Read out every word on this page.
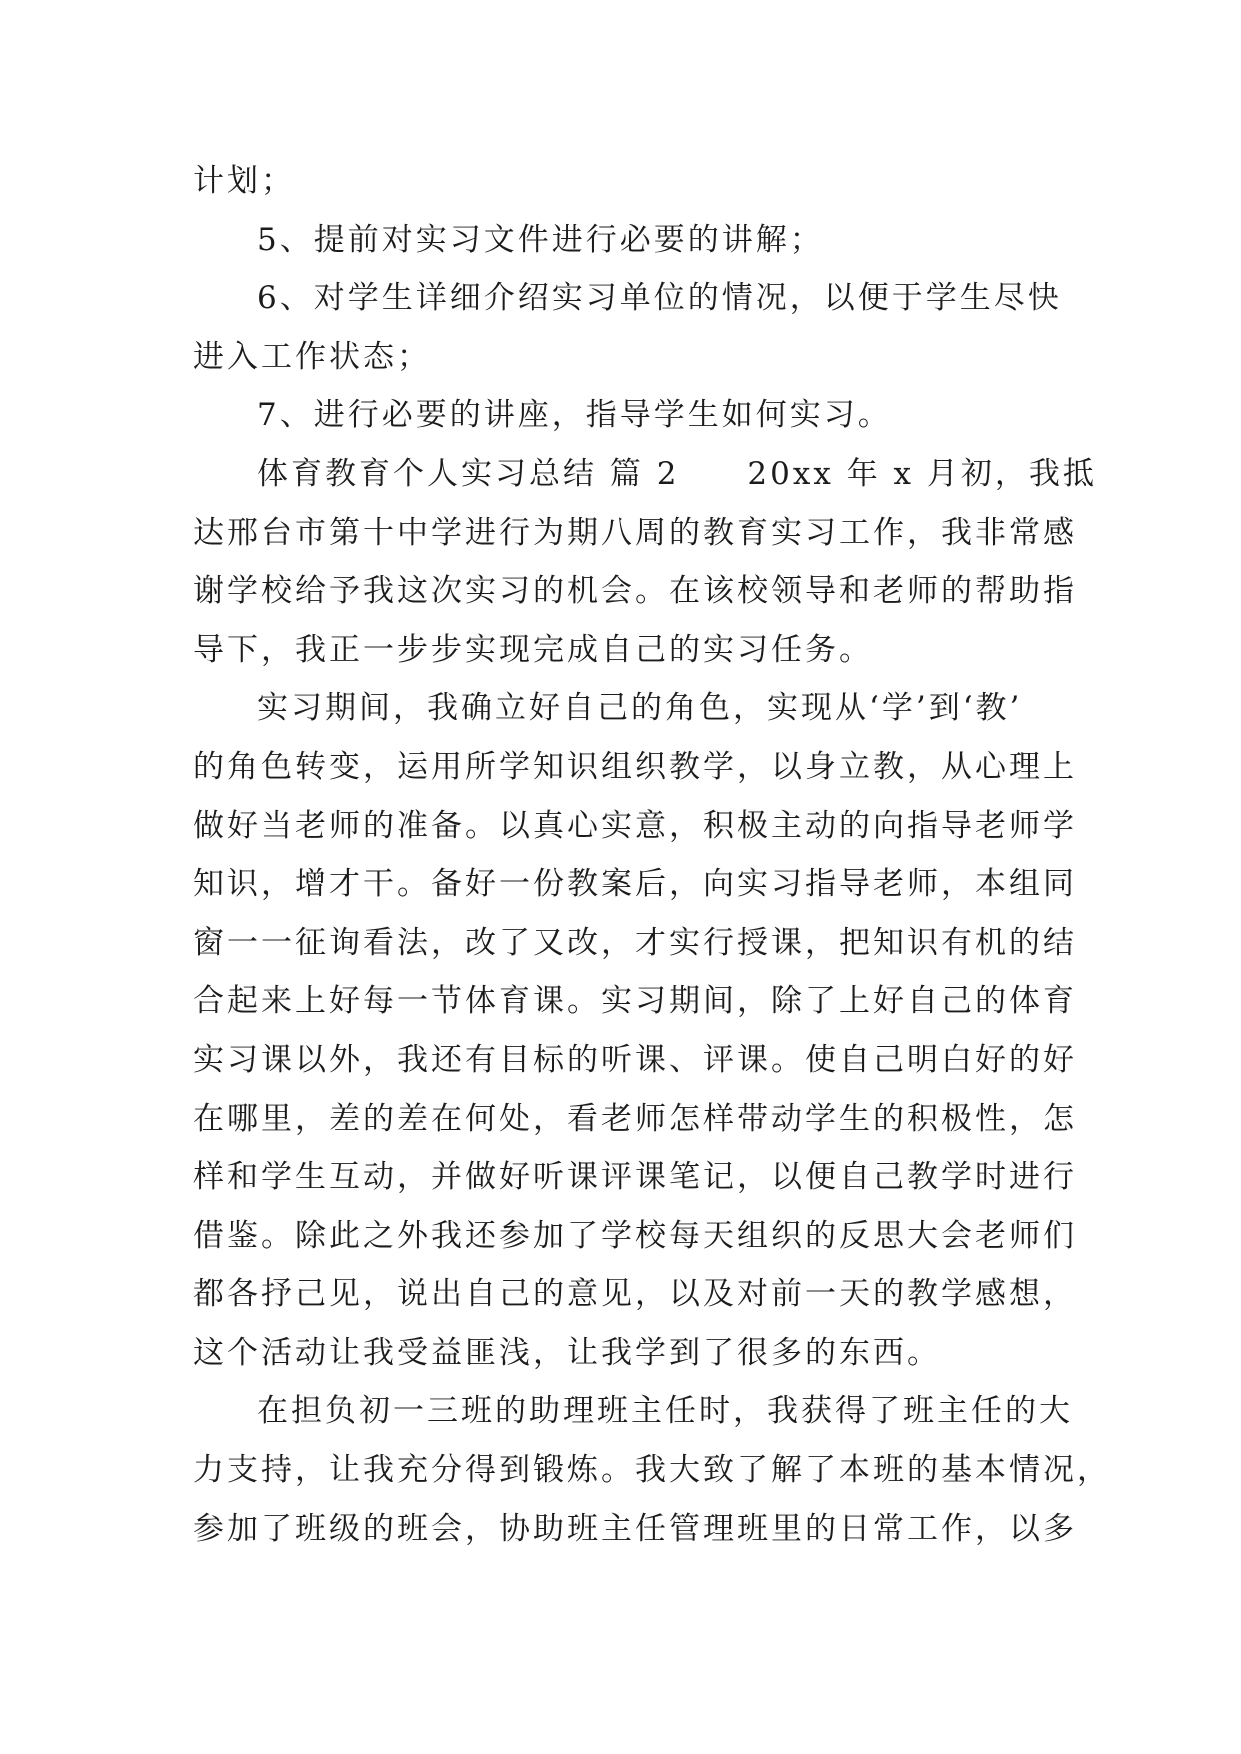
计划；
5、提前对实习文件进行必要的讲解；
6、对学生详细介绍实习单位的情况，以便于学生尽快
进入工作状态；
7、进行必要的讲座，指导学生如何实习。
体育教育个人实习总结 篇 2　　20xx 年 x 月初，我抵
达邢台市第十中学进行为期八周的教育实习工作，我非常感
谢学校给予我这次实习的机会。在该校领导和老师的帮助指
导下，我正一步步实现完成自己的实习任务。
实习期间，我确立好自己的角色，实现从‘学’到‘教’
的角色转变，运用所学知识组织教学，以身立教，从心理上
做好当老师的准备。以真心实意，积极主动的向指导老师学
知识，增才干。备好一份教案后，向实习指导老师，本组同
窗一一征询看法，改了又改，才实行授课，把知识有机的结
合起来上好每一节体育课。实习期间，除了上好自己的体育
实习课以外，我还有目标的听课、评课。使自己明白好的好
在哪里，差的差在何处，看老师怎样带动学生的积极性，怎
样和学生互动，并做好听课评课笔记，以便自己教学时进行
借鉴。除此之外我还参加了学校每天组织的反思大会老师们
都各抒己见，说出自己的意见，以及对前一天的教学感想，
这个活动让我受益匪浅，让我学到了很多的东西。
在担负初一三班的助理班主任时，我获得了班主任的大
力支持，让我充分得到锻炼。我大致了解了本班的基本情况，
参加了班级的班会，协助班主任管理班里的日常工作，以多
